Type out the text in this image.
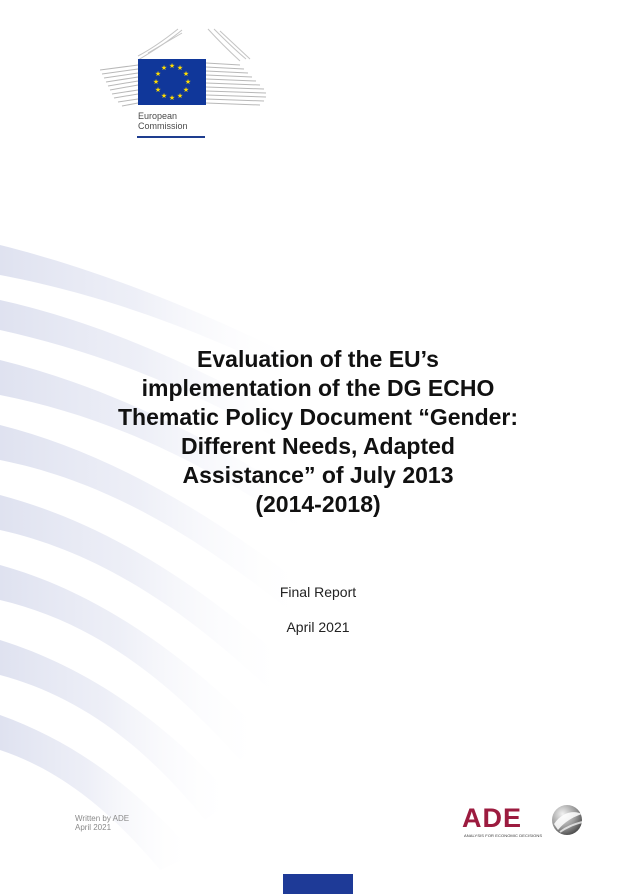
★ ★
★
★
★
★
★
★
★
★
★
★
European
Commission
Evaluation of the EU’s
implementation of the DG ECHO
Thematic Policy Document “Gender:
Different Needs, Adapted
Assistance” of July 2013
(2014-2018)
Final Report
April 2021
Written by ADE
April 2021	ADE
ANALYSIS FOR ECONOMIC DECISIONS
